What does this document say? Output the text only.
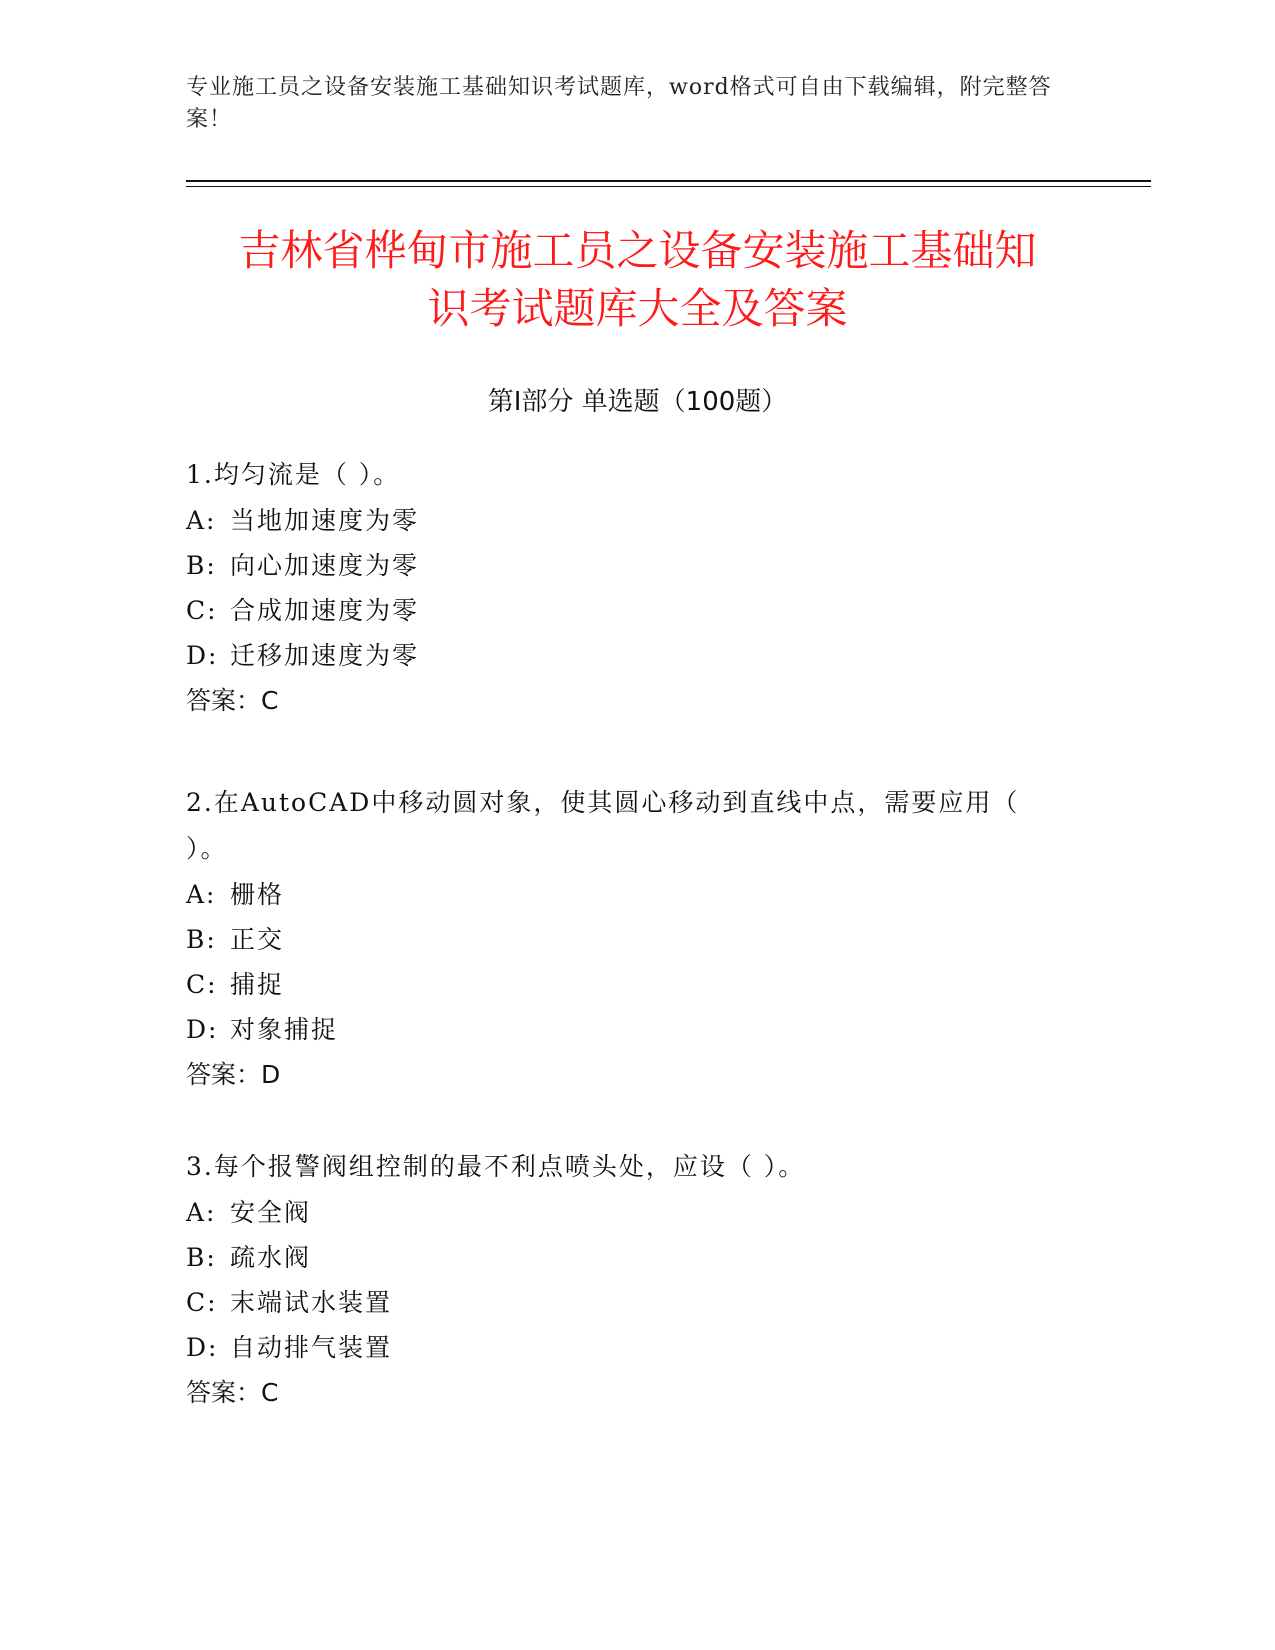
专业施工员之设备安装施工基础知识考试题库，word格式可自由下载编辑，附完整答案！
吉林省桦甸市施工员之设备安装施工基础知
识考试题库大全及答案
第Ⅰ部分 单选题（100题）
1.均匀流是（ ）。
A: 当地加速度为零
B: 向心加速度为零
C: 合成加速度为零
D: 迁移加速度为零
答案：C
2.在AutoCAD中移动圆对象，使其圆心移动到直线中点，需要应用（ ）。
A: 栅格
B: 正交
C: 捕捉
D: 对象捕捉
答案：D
3.每个报警阀组控制的最不利点喷头处，应设（ ）。
A: 安全阀
B: 疏水阀
C: 末端试水装置
D: 自动排气装置
答案：C
